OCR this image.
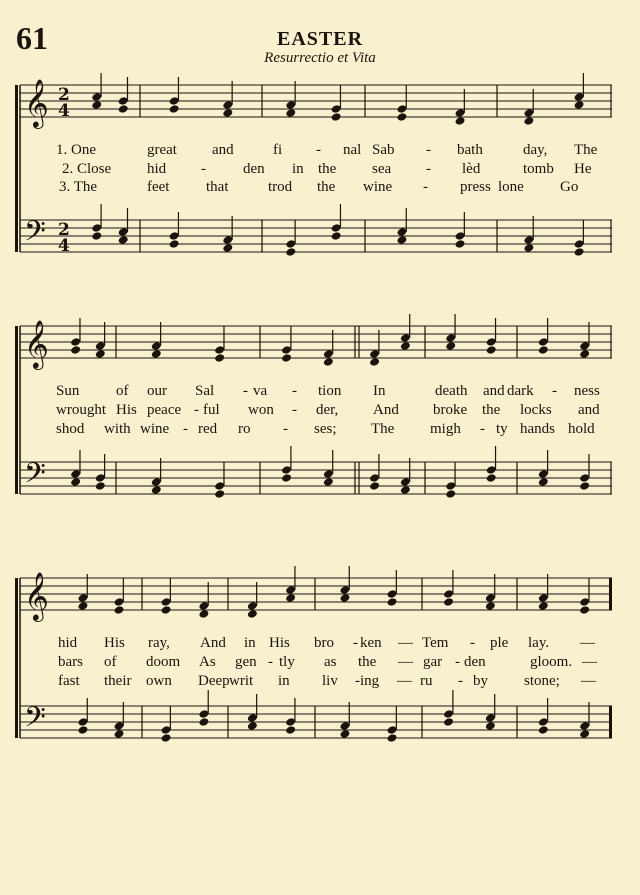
61	EASTER
Resurrectio et Vita
𝄞
𝄢
2
4
2
4
𝄞
𝄢
𝄞
𝄢
1. One	great and	fi - nal Sab - bath	day, The
2. Close hid - den in the sea - lèd	tomb He
3. The	feet that	trod the wine - press lone Go
Sun of our Sal - va - tion In	death and dark - ness
wrought His peace - ful won - der, And broke the locks and
shod with wine - red ro - ses; The migh - ty hands hold
hid His ray, And in His bro - ken — Tem - ple lay. —
bars of doom As gen - tly as the — gar - den	gloom. —
fast their own Deep writ in liv - ing — ru - by stone; —
